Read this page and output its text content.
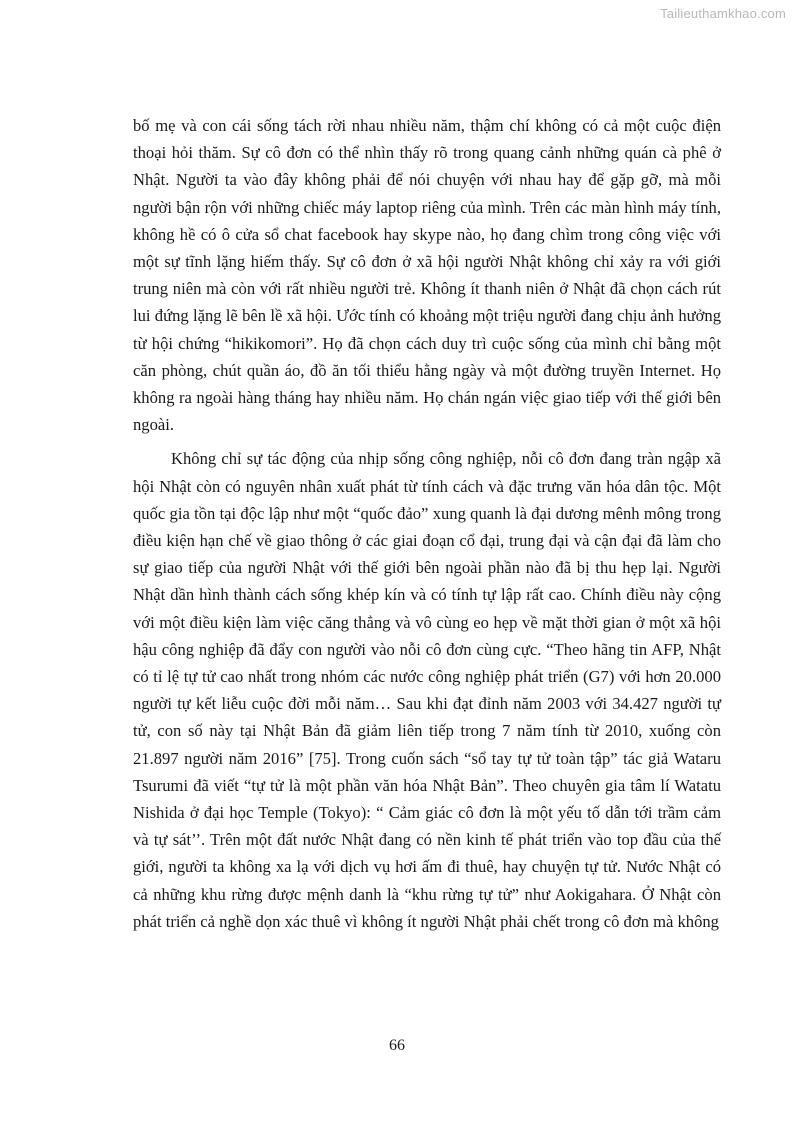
Tailieuthamkhao.com

bố mẹ và con cái sống tách rời nhau nhiều năm, thậm chí không có cả một cuộc điện thoại hỏi thăm. Sự cô đơn có thể nhìn thấy rõ trong quang cảnh những quán cà phê ở Nhật. Người ta vào đây không phải để nói chuyện với nhau hay để gặp gỡ, mà mỗi người bận rộn với những chiếc máy laptop riêng của mình. Trên các màn hình máy tính, không hề có ô cửa sổ chat facebook hay skype nào, họ đang chìm trong công việc với một sự tĩnh lặng hiếm thấy. Sự cô đơn ở xã hội người Nhật không chỉ xảy ra với giới trung niên mà còn với rất nhiều người trẻ. Không ít thanh niên ở Nhật đã chọn cách rút lui đứng lặng lẽ bên lề xã hội. Ước tính có khoảng một triệu người đang chịu ảnh hưởng từ hội chứng “hikikomori”. Họ đã chọn cách duy trì cuộc sống của mình chỉ bằng một căn phòng, chút quần áo, đồ ăn tối thiểu hằng ngày và một đường truyền Internet. Họ không ra ngoài hàng tháng hay nhiều năm. Họ chán ngán việc giao tiếp với thế giới bên ngoài.

Không chỉ sự tác động của nhịp sống công nghiệp, nỗi cô đơn đang tràn ngập xã hội Nhật còn có nguyên nhân xuất phát từ tính cách và đặc trưng văn hóa dân tộc. Một quốc gia tồn tại độc lập như một “quốc đảo” xung quanh là đại dương mênh mông trong điều kiện hạn chế về giao thông ở các giai đoạn cổ đại, trung đại và cận đại đã làm cho sự giao tiếp của người Nhật với thế giới bên ngoài phần nào đã bị thu hẹp lại. Người Nhật dần hình thành cách sống khép kín và có tính tự lập rất cao. Chính điều này cộng với một điều kiện làm việc căng thẳng và vô cùng eo hẹp về mặt thời gian ở một xã hội hậu công nghiệp đã đẩy con người vào nỗi cô đơn cùng cực. “Theo hãng tin AFP, Nhật có tỉ lệ tự tử cao nhất trong nhóm các nước công nghiệp phát triển (G7) với hơn 20.000 người tự kết liễu cuộc đời mỗi năm… Sau khi đạt đỉnh năm 2003 với 34.427 người tự tử, con số này tại Nhật Bản đã giảm liên tiếp trong 7 năm tính từ 2010, xuống còn 21.897 người năm 2016” [75]. Trong cuốn sách “sổ tay tự tử toàn tập” tác giả Wataru Tsurumi đã viết “tự tử là một phần văn hóa Nhật Bản”. Theo chuyên gia tâm lí Watatu Nishida ở đại học Temple (Tokyo): “ Cảm giác cô đơn là một yếu tố dẫn tới trầm cảm và tự sát’’. Trên một đất nước Nhật đang có nền kinh tế phát triển vào top đầu của thế giới, người ta không xa lạ với dịch vụ hơi ấm đi thuê, hay chuyện tự tử. Nước Nhật có cả những khu rừng được mệnh danh là “khu rừng tự tử” như Aokigahara. Ở Nhật còn phát triển cả nghề dọn xác thuê vì không ít người Nhật phải chết trong cô đơn mà không

66
